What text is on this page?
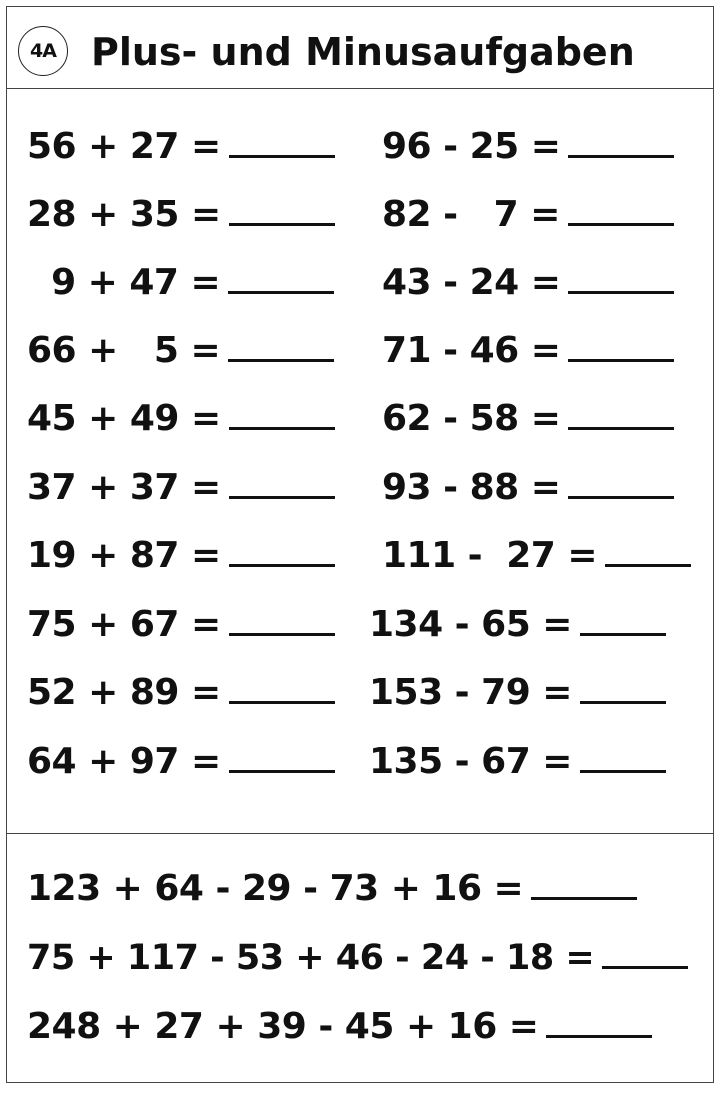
4A Plus- und Minusaufgaben
56 + 27 =
28 + 35 =
9 + 47 =
66 +   5 =
45 + 49 =
37 + 37 =
19 + 87 =
75 + 67 =
52 + 89 =
64 + 97 =
96 - 25 =
82 -   7 =
43 - 24 =
71 - 46 =
62 - 58 =
93 - 88 =
111 -  27 =
134 - 65 =
153 - 79 =
135 - 67 =
123 + 64 - 29 - 73 + 16 =
75 + 117 - 53 + 46 - 24 - 18 =
248 + 27 + 39 - 45 + 16 =
